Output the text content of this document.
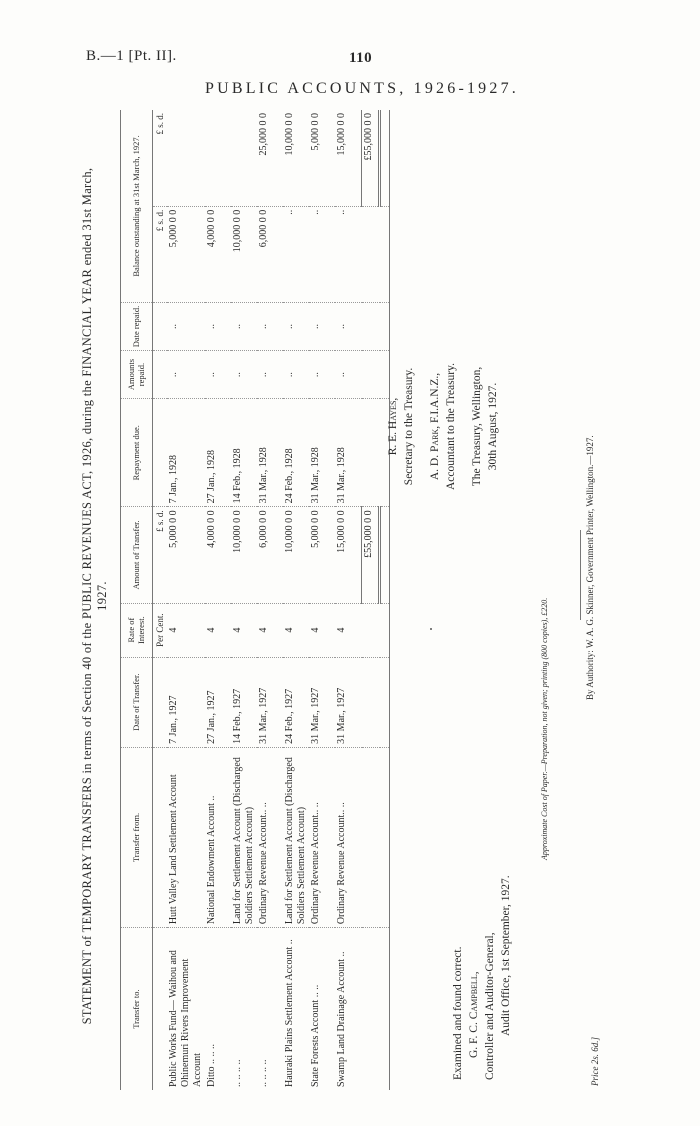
B.—1 [Pt. II].	110
PUBLIC ACCOUNTS, 1926-1927.
STATEMENT of TEMPORARY TRANSFERS in terms of Section 40 of the PUBLIC REVENUES ACT, 1926, during the FINANCIAL YEAR ended 31st March, 1927.
Transfer to.	Transfer from.	Date of Transfer.	Rate of Interest.	Amount of Transfer.	Repayment due.	Amounts repaid.	Date repaid.	Balance outstanding at 31st March, 1927.	
			Per Cent.	£ s. d.				£ s. d.	£ s. d.
Public Works Fund— Waihou and Ohinemuri Rivers Improvement Account	Hutt Valley Land Settlement Account	7 Jan., 1927	4	5,000 0 0	7 Jan., 1928	..	..	5,000 0 0	
Ditto .. .. ..	National Endowment Account ..	27 Jan., 1927	4	4,000 0 0	27 Jan., 1928	..	..	4,000 0 0	
.. .. .. ..	Land for Settlement Account (Discharged Soldiers Settlement Account)	14 Feb., 1927	4	10,000 0 0	14 Feb., 1928	..	..	10,000 0 0	
.. .. .. ..	Ordinary Revenue Account.. ..	31 Mar., 1927	4	6,000 0 0	31 Mar., 1928	..	..	6,000 0 0	25,000 0 0
Hauraki Plains Settlement Account ..	Land for Settlement Account (Discharged Soldiers Settlement Account)	24 Feb., 1927	4	10,000 0 0	24 Feb., 1928	..	..	..	10,000 0 0
State Forests Account .. ..	Ordinary Revenue Account.. ..	31 Mar., 1927	4	5,000 0 0	31 Mar., 1928	..	..	..	5,000 0 0
Swamp Land Drainage Account ..	Ordinary Revenue Account.. ..	31 Mar., 1927	4	15,000 0 0	31 Mar., 1928	..	..	..	15,000 0 0
				£55,000 0 0					£55,000 0 0

Examined and found correct. G. F. C. Campbell, Controller and Auditor-General, Audit Office, 1st September, 1927.
R. E. Hayes, Secretary to the Treasury. A. D. Park, F.I.A.N.Z., Accountant to the Treasury. The Treasury, Wellington, 30th August, 1927.
Approximate Cost of Paper.—Preparation, not given; printing (800 copies), £220.
By Authority: W. A. G. Skinner, Government Printer, Wellington.—1927.
Price 2s. 6d.]
